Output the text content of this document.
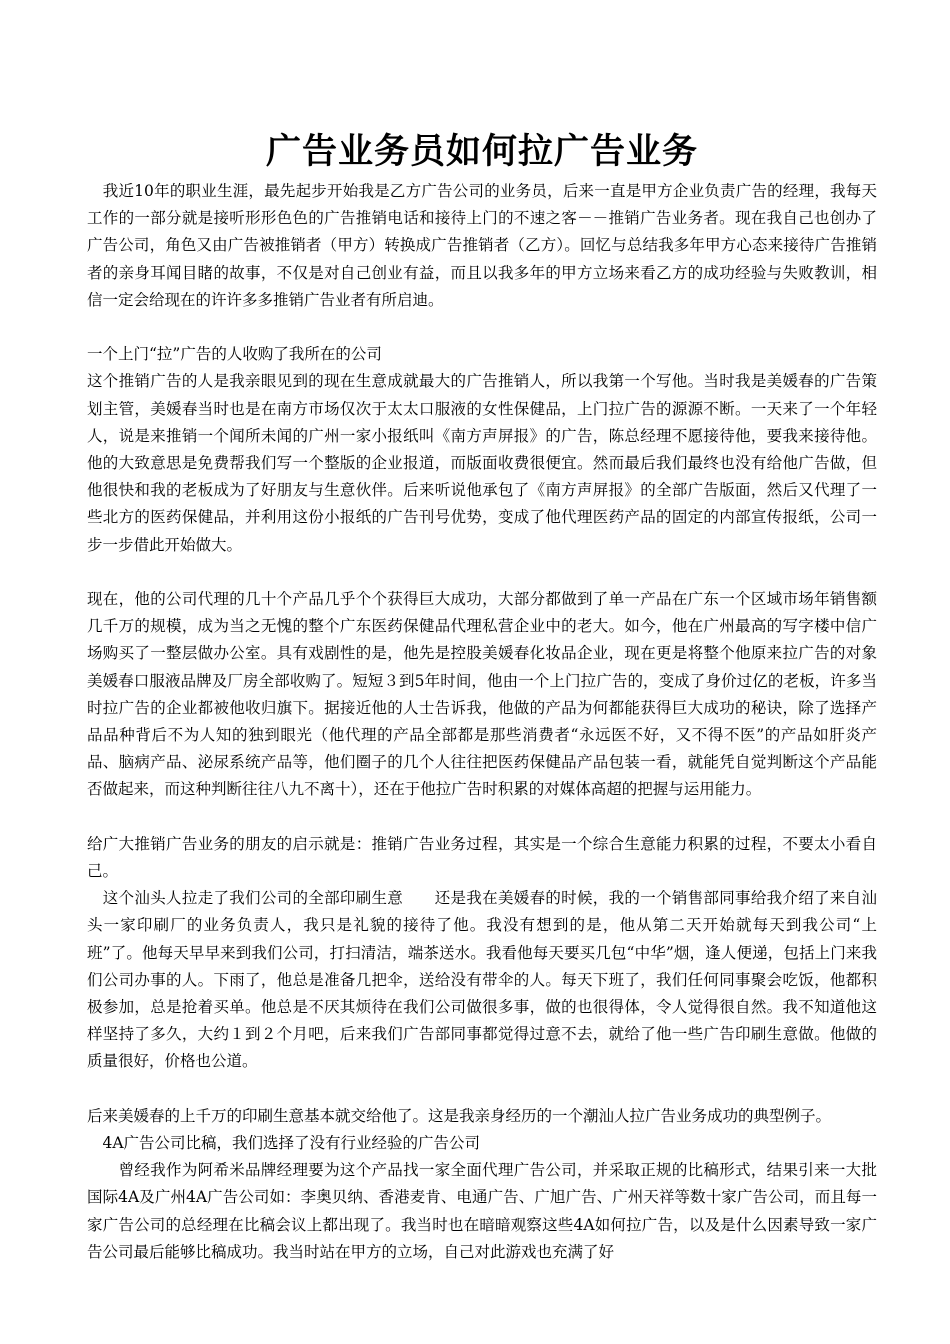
广告业务员如何拉广告业务

　我近10年的职业生涯，最先起步开始我是乙方广告公司的业务员，后来一直是甲方企业负责广告的经理，我每天工作的一部分就是接听形形色色的广告推销电话和接待上门的不速之客－－推销广告业务者。现在我自己也创办了广告公司，角色又由广告被推销者（甲方）转换成广告推销者（乙方）。回忆与总结我多年甲方心态来接待广告推销者的亲身耳闻目睹的故事，不仅是对自己创业有益，而且以我多年的甲方立场来看乙方的成功经验与失败教训，相信一定会给现在的许许多多推销广告业者有所启迪。

一个上门“拉”广告的人收购了我所在的公司

这个推销广告的人是我亲眼见到的现在生意成就最大的广告推销人，所以我第一个写他。当时我是美媛春的广告策划主管，美媛春当时也是在南方市场仅次于太太口服液的女性保健品，上门拉广告的源源不断。一天来了一个年轻人，说是来推销一个闻所未闻的广州一家小报纸叫《南方声屏报》的广告，陈总经理不愿接待他，要我来接待他。他的大致意思是免费帮我们写一个整版的企业报道，而版面收费很便宜。然而最后我们最终也没有给他广告做，但他很快和我的老板成为了好朋友与生意伙伴。后来听说他承包了《南方声屏报》的全部广告版面，然后又代理了一些北方的医药保健品，并利用这份小报纸的广告刊号优势，变成了他代理医药产品的固定的内部宣传报纸，公司一步一步借此开始做大。

现在，他的公司代理的几十个产品几乎个个获得巨大成功，大部分都做到了单一产品在广东一个区域市场年销售额几千万的规模，成为当之无愧的整个广东医药保健品代理私营企业中的老大。如今，他在广州最高的写字楼中信广场购买了一整层做办公室。具有戏剧性的是，他先是控股美媛春化妆品企业，现在更是将整个他原来拉广告的对象美媛春口服液品牌及厂房全部收购了。短短３到5年时间，他由一个上门拉广告的，变成了身价过亿的老板，许多当时拉广告的企业都被他收归旗下。据接近他的人士告诉我，他做的产品为何都能获得巨大成功的秘诀，除了选择产品品种背后不为人知的独到眼光（他代理的产品全部都是那些消费者“永远医不好，又不得不医”的产品如肝炎产品、脑病产品、泌尿系统产品等，他们圈子的几个人往往把医药保健品产品包装一看，就能凭自觉判断这个产品能否做起来，而这种判断往往八九不离十），还在于他拉广告时积累的对媒体高超的把握与运用能力。

给广大推销广告业务的朋友的启示就是：推销广告业务过程，其实是一个综合生意能力积累的过程，不要太小看自己。

　这个汕头人拉走了我们公司的全部印刷生意　　还是我在美媛春的时候，我的一个销售部同事给我介绍了来自汕头一家印刷厂的业务负责人，我只是礼貌的接待了他。我没有想到的是，他从第二天开始就每天到我公司“上班”了。他每天早早来到我们公司，打扫清洁，端茶送水。我看他每天要买几包“中华”烟，逢人便递，包括上门来我们公司办事的人。下雨了，他总是准备几把伞，送给没有带伞的人。每天下班了，我们任何同事聚会吃饭，他都积极参加，总是抢着买单。他总是不厌其烦待在我们公司做很多事，做的也很得体，令人觉得很自然。我不知道他这样坚持了多久，大约１到２个月吧，后来我们广告部同事都觉得过意不去，就给了他一些广告印刷生意做。他做的质量很好，价格也公道。

后来美媛春的上千万的印刷生意基本就交给他了。这是我亲身经历的一个潮汕人拉广告业务成功的典型例子。

　4A广告公司比稿，我们选择了没有行业经验的广告公司

　　曾经我作为阿希米品牌经理要为这个产品找一家全面代理广告公司，并采取正规的比稿形式，结果引来一大批国际4A及广州4A广告公司如：李奥贝纳、香港麦肯、电通广告、广旭广告、广州天祥等数十家广告公司，而且每一家广告公司的总经理在比稿会议上都出现了。我当时也在暗暗观察这些4A如何拉广告，以及是什么因素导致一家广告公司最后能够比稿成功。我当时站在甲方的立场，自己对此游戏也充满了好
